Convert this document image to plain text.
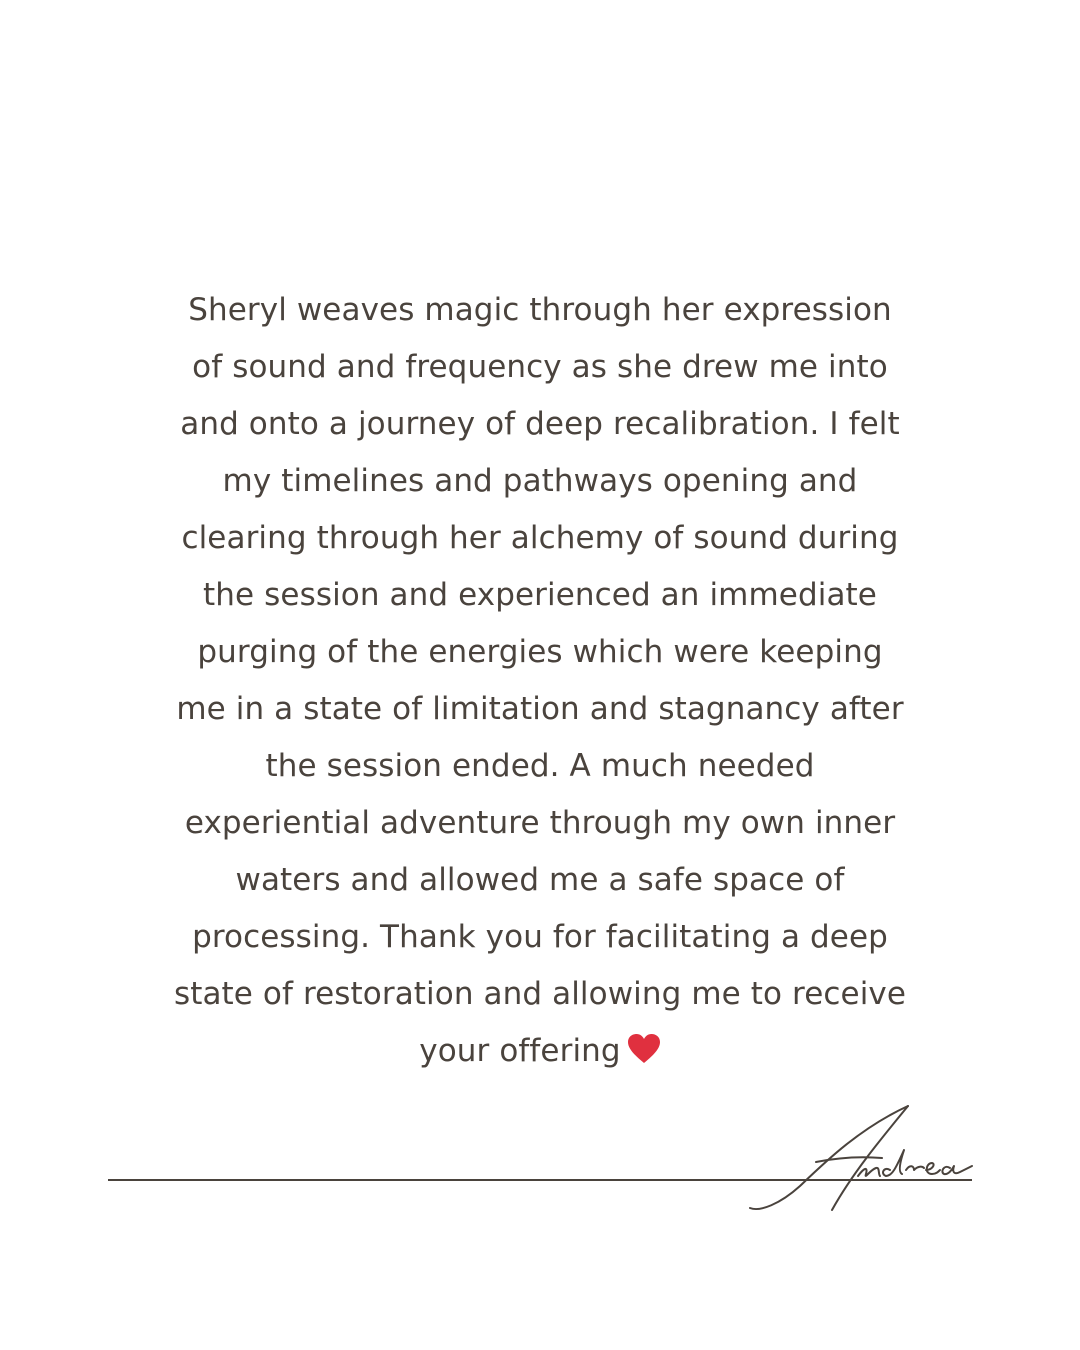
Sheryl weaves magic through her expression
of sound and frequency as she drew me into
and onto a journey of deep recalibration. I felt
my timelines and pathways opening and
clearing through her alchemy of sound during
the session and experienced an immediate
purging of the energies which were keeping
me in a state of limitation and stagnancy after
the session ended. A much needed
experiential adventure through my own inner
waters and allowed me a safe space of
processing. Thank you for facilitating a deep
state of restoration and allowing me to receive
your offering
